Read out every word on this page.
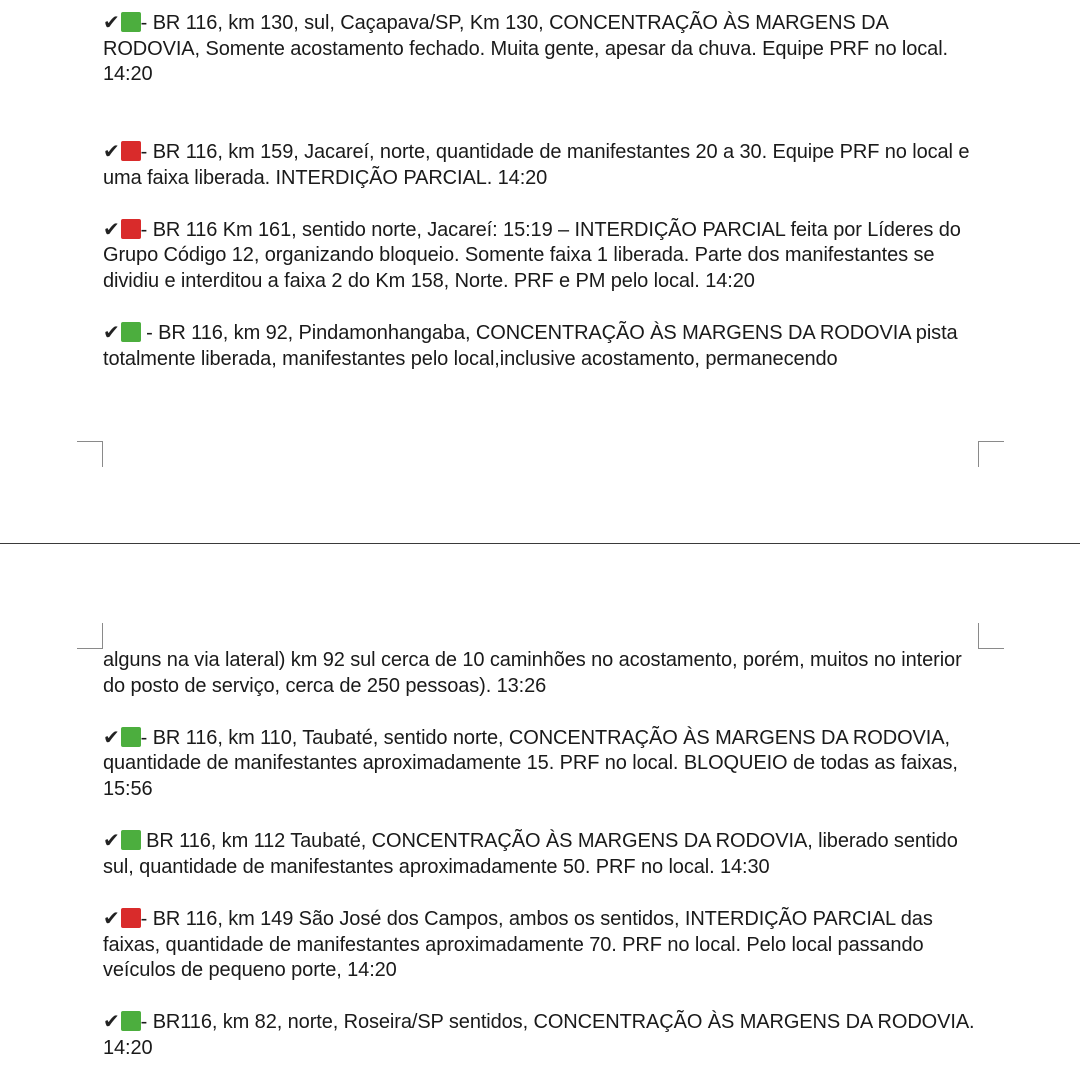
✔ - BR 116, km 130, sul, Caçapava/SP, Km 130, CONCENTRAÇÃO ÀS MARGENS DA RODOVIA, Somente acostamento fechado. Muita gente, apesar da chuva. Equipe PRF no local. 14:20

✔ - BR 116, km 159, Jacareí, norte, quantidade de manifestantes 20 a 30. Equipe PRF no local e uma faixa liberada. INTERDIÇÃO PARCIAL. 14:20

✔ - BR 116 Km 161, sentido norte, Jacareí: 15:19 – INTERDIÇÃO PARCIAL feita por Líderes do Grupo Código 12, organizando bloqueio. Somente faixa 1 liberada. Parte dos manifestantes se dividiu e interditou a faixa 2 do Km 158, Norte. PRF e PM pelo local. 14:20

✔ - BR 116, km 92, Pindamonhangaba, CONCENTRAÇÃO ÀS MARGENS DA RODOVIA pista totalmente liberada, manifestantes pelo local,inclusive acostamento, permanecendo

alguns na via lateral) km 92 sul cerca de 10 caminhões no acostamento, porém, muitos no interior do posto de serviço, cerca de 250 pessoas). 13:26

✔ - BR 116, km 110, Taubaté, sentido norte, CONCENTRAÇÃO ÀS MARGENS DA RODOVIA, quantidade de manifestantes aproximadamente 15. PRF no local. BLOQUEIO de todas as faixas, 15:56

✔ BR 116, km 112 Taubaté, CONCENTRAÇÃO ÀS MARGENS DA RODOVIA, liberado sentido sul, quantidade de manifestantes aproximadamente 50. PRF no local. 14:30

✔ - BR 116, km 149 São José dos Campos, ambos os sentidos, INTERDIÇÃO PARCIAL das faixas, quantidade de manifestantes aproximadamente 70. PRF no local. Pelo local passando veículos de pequeno porte, 14:20

✔ - BR116, km 82, norte, Roseira/SP sentidos, CONCENTRAÇÃO ÀS MARGENS DA RODOVIA. 14:20
